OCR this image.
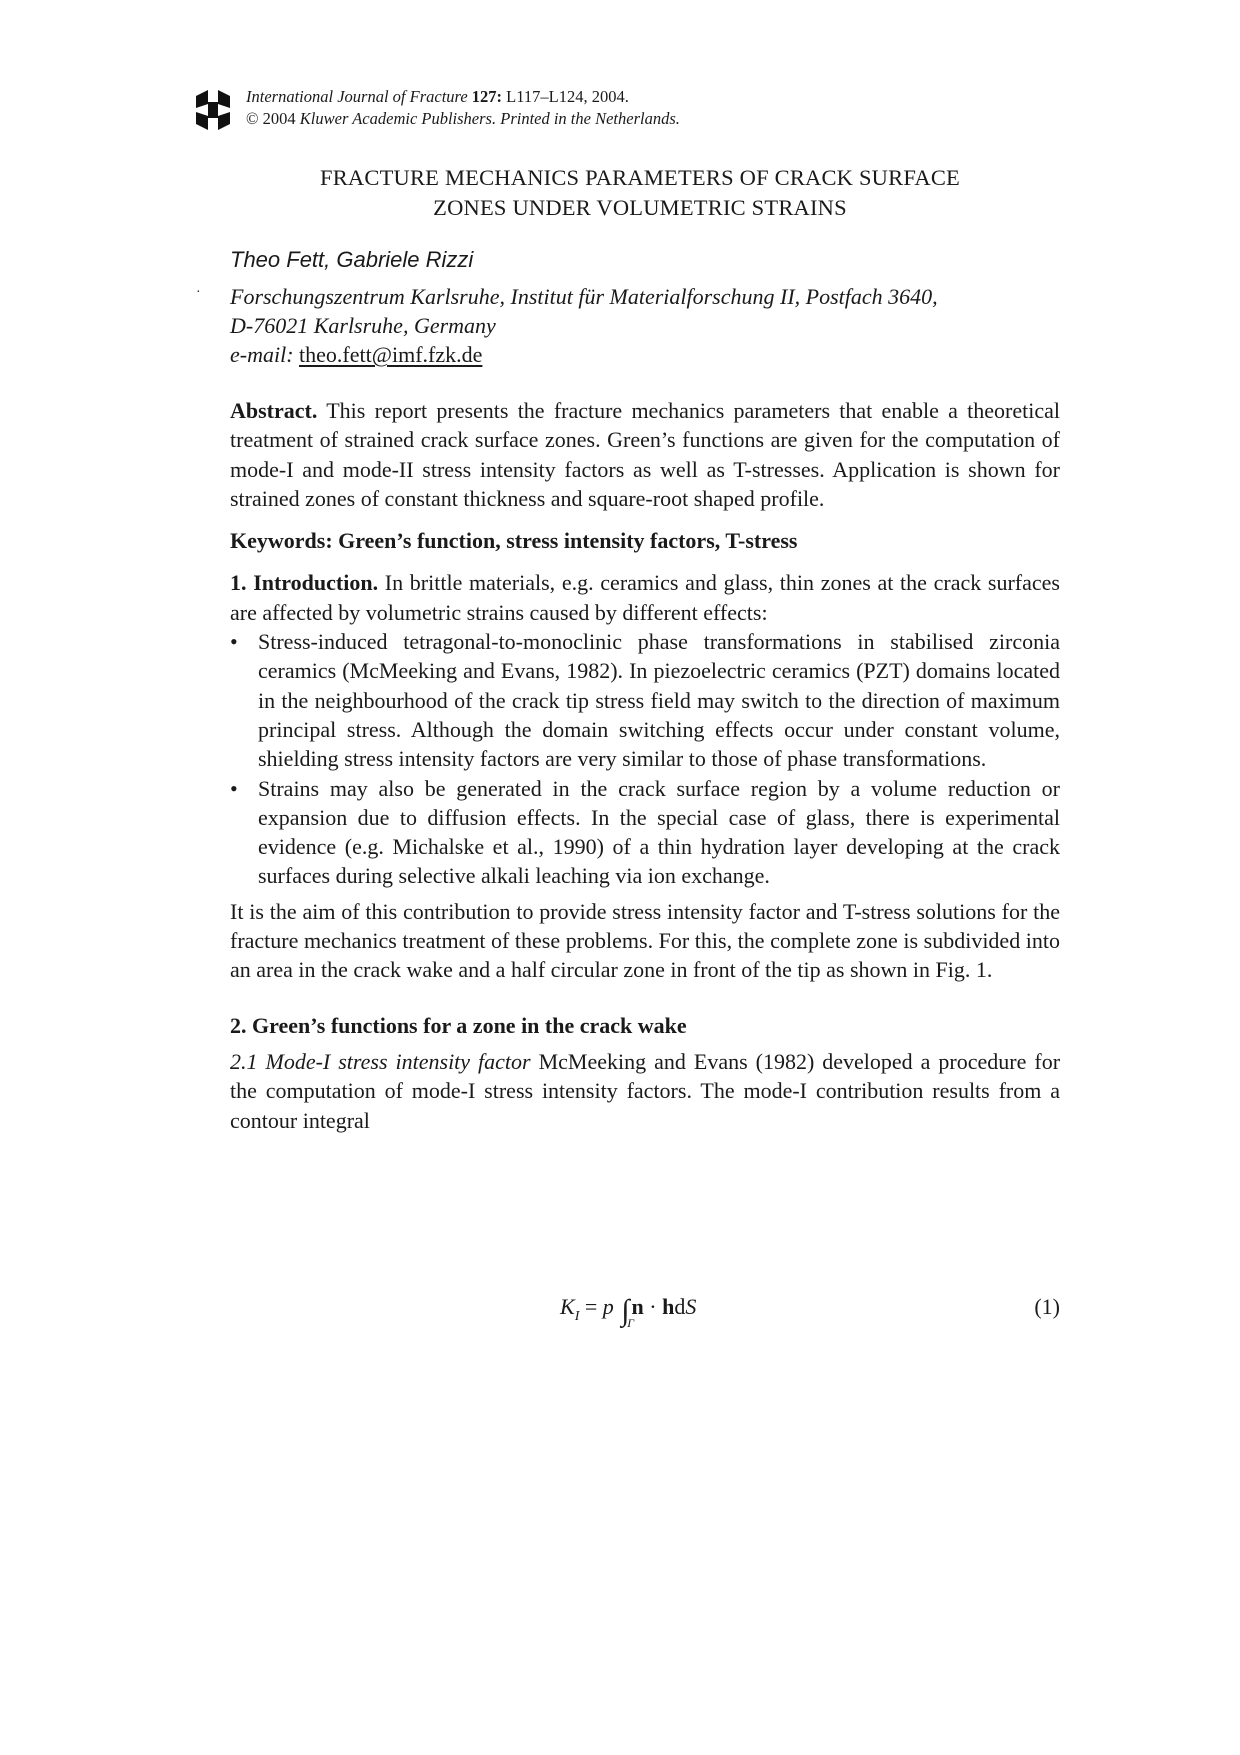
International Journal of Fracture 127: L117–L124, 2004.
© 2004 Kluwer Academic Publishers. Printed in the Netherlands.
FRACTURE MECHANICS PARAMETERS OF CRACK SURFACE
ZONES UNDER VOLUMETRIC STRAINS
Theo Fett, Gabriele Rizzi
· Forschungszentrum Karlsruhe, Institut für Materialforschung II, Postfach 3640,
D-76021 Karlsruhe, Germany
e-mail: theo.fett@imf.fzk.de

Abstract. This report presents the fracture mechanics parameters that enable a theoretical treatment of strained crack surface zones. Green’s functions are given for the computation of mode-I and mode-II stress intensity factors as well as T-stresses. Application is shown for strained zones of constant thickness and square-root shaped profile.

Keywords: Green’s function, stress intensity factors, T-stress

1. Introduction. In brittle materials, e.g. ceramics and glass, thin zones at the crack surfaces are affected by volumetric strains caused by different effects:

• Stress-induced tetragonal-to-monoclinic phase transformations in stabilised zirconia ceramics (McMeeking and Evans, 1982). In piezoelectric ceramics (PZT) domains located in the neighbourhood of the crack tip stress field may switch to the direction of maximum principal stress. Although the domain switching effects occur under constant volume, shielding stress intensity factors are very similar to those of phase transformations.
• Strains may also be generated in the crack surface region by a volume reduction or expansion due to diffusion effects. In the special case of glass, there is experimental evidence (e.g. Michalske et al., 1990) of a thin hydration layer developing at the crack surfaces during selective alkali leaching via ion exchange.

It is the aim of this contribution to provide stress intensity factor and T-stress solutions for the fracture mechanics treatment of these problems. For this, the complete zone is subdivided into an area in the crack wake and a half circular zone in front of the tip as shown in Fig. 1.

2. Green’s functions for a zone in the crack wake

2.1 Mode-I stress intensity factor McMeeking and Evans (1982) developed a procedure for the computation of mode-I stress intensity factors. The mode-I contribution results from a contour integral

$K_I = p$ ∫
Γ
n · hdS	(1)
